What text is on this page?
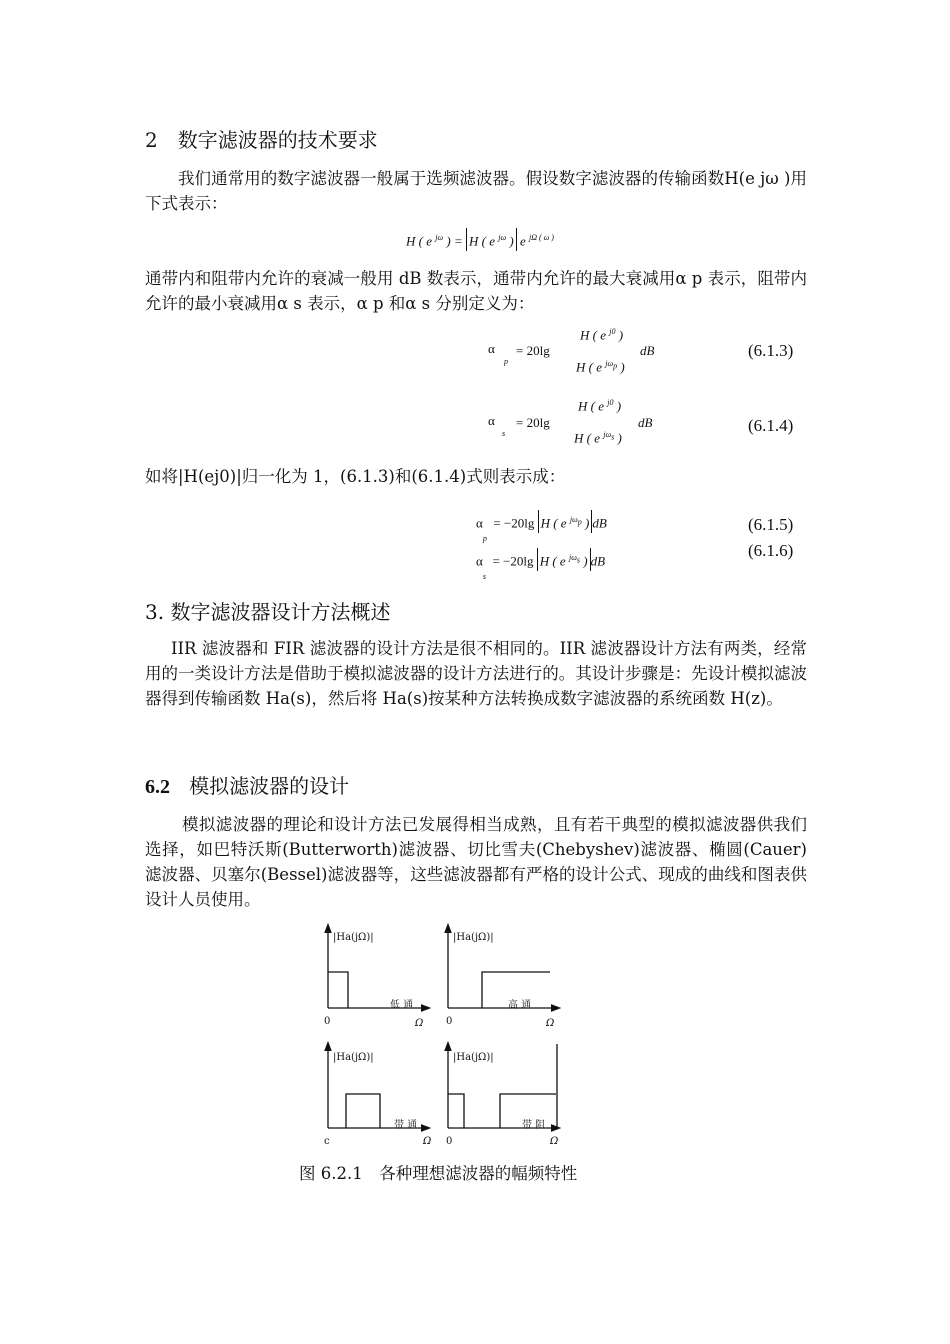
2　数字滤波器的技术要求
我们通常用的数字滤波器一般属于选频滤波器。假设数字滤波器的传输函数H(e jω )用下式表示：
H ( e $^{j\omega}$ ) = H ( e $^{j\omega}$ ) e $^{j\Omega ( \omega )}$
通带内和阻带内允许的衰减一般用 dB 数表示，通带内允许的最大衰减用α p 表示，阻带内允许的最小衰减用α s 表示，α p 和α s 分别定义为：
α
p
= 20lg
H ( e $^{j0}$ )
H ( e $^{j\omega_p}$ )
dB	(6.1.3)
α
s
= 20lg
H ( e $^{j0}$ )
H ( e $^{j\omega_s}$ )
dB	(6.1.4)
如将|H(ej0)|归一化为 1，(6.1.3)和(6.1.4)式则表示成：
$\alpha_p = -20\lg$ H ( e $^{j\omega_p}$ ) dB	(6.1.5)
$\alpha_s = -20\lg$ H ( e $^{j\omega_s}$ ) dB
(6.1.6)
3. 数字滤波器设计方法概述
IIR 滤波器和 FIR 滤波器的设计方法是很不相同的。IIR 滤波器设计方法有两类，经常用的一类设计方法是借助于模拟滤波器的设计方法进行的。其设计步骤是：先设计模拟滤波器得到传输函数 Ha(s)，然后将 Ha(s)按某种方法转换成数字滤波器的系统函数 H(z)。
6.2 模拟滤波器的设计
模拟滤波器的理论和设计方法已发展得相当成熟，且有若干典型的模拟滤波器供我们选择，如巴特沃斯(Butterworth)滤波器、切比雪夫(Chebyshev)滤波器、椭圆(Cauer)滤波器、贝塞尔(Bessel)滤波器等，这些滤波器都有严格的设计公式、现成的曲线和图表供设计人员使用。
|Ha(jΩ)|	|Ha(jΩ)|
|Ha(jΩ)|	|Ha(jΩ)|
低 通	高 通
带 通	带 阻
0	0
c	0
Ω	Ω
Ω	Ω
图 6.2.1　各种理想滤波器的幅频特性
